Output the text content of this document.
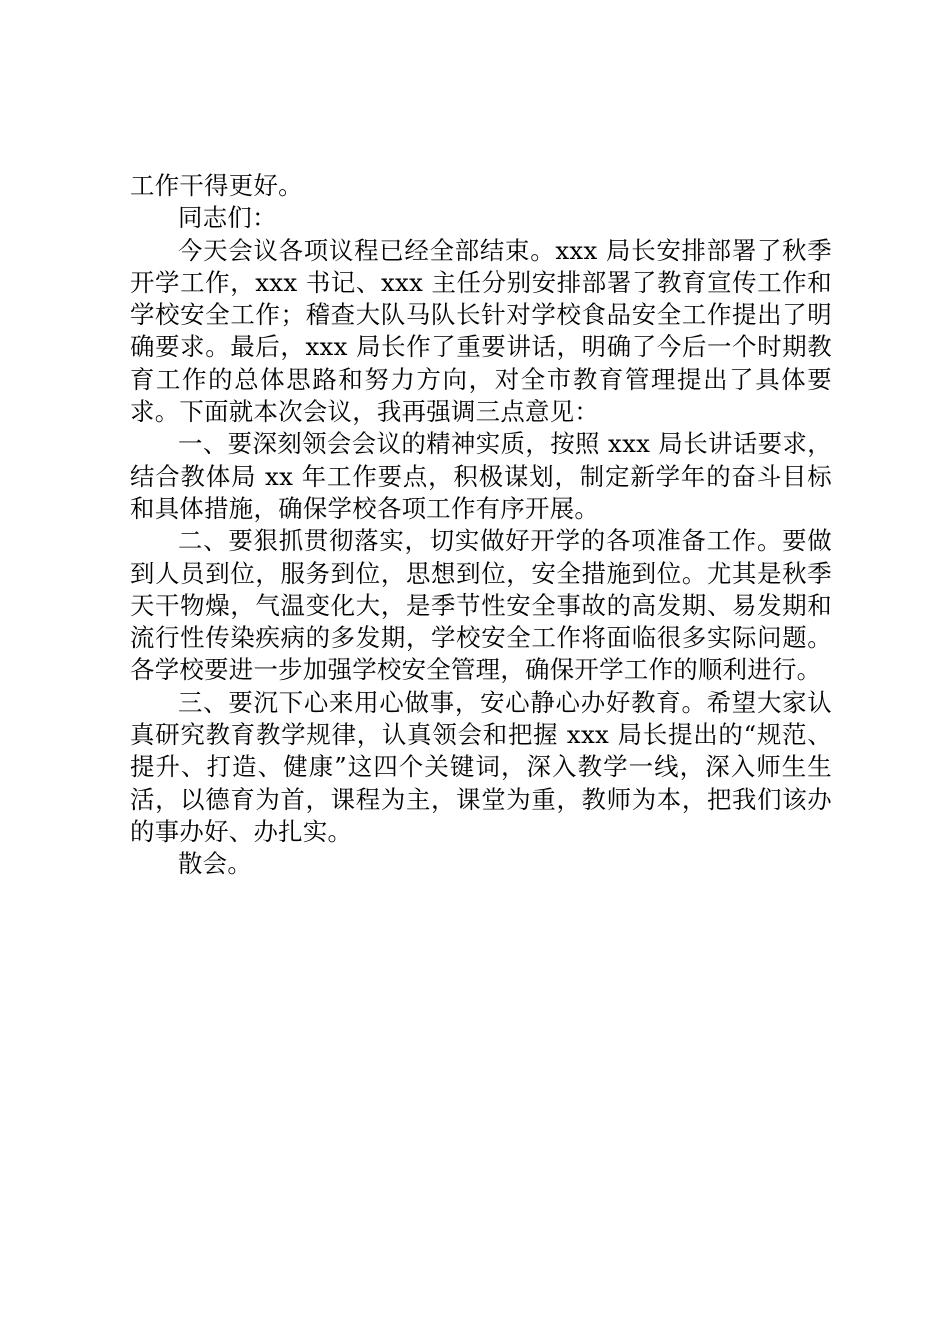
工作干得更好。

同志们：

今天会议各项议程已经全部结束。xxx 局长安排部署了秋季开学工作，xxx 书记、xxx 主任分别安排部署了教育宣传工作和学校安全工作；稽查大队马队长针对学校食品安全工作提出了明确要求。最后，xxx 局长作了重要讲话，明确了今后一个时期教育工作的总体思路和努力方向，对全市教育管理提出了具体要求。下面就本次会议，我再强调三点意见：

一、要深刻领会会议的精神实质，按照 xxx 局长讲话要求，结合教体局 xx 年工作要点，积极谋划，制定新学年的奋斗目标和具体措施，确保学校各项工作有序开展。

二、要狠抓贯彻落实，切实做好开学的各项准备工作。要做到人员到位，服务到位，思想到位，安全措施到位。尤其是秋季天干物燥，气温变化大，是季节性安全事故的高发期、易发期和流行性传染疾病的多发期，学校安全工作将面临很多实际问题。各学校要进一步加强学校安全管理，确保开学工作的顺利进行。

三、要沉下心来用心做事，安心静心办好教育。希望大家认真研究教育教学规律，认真领会和把握 xxx 局长提出的“规范、提升、打造、健康”这四个关键词，深入教学一线，深入师生生活，以德育为首，课程为主，课堂为重，教师为本，把我们该办的事办好、办扎实。

散会。
